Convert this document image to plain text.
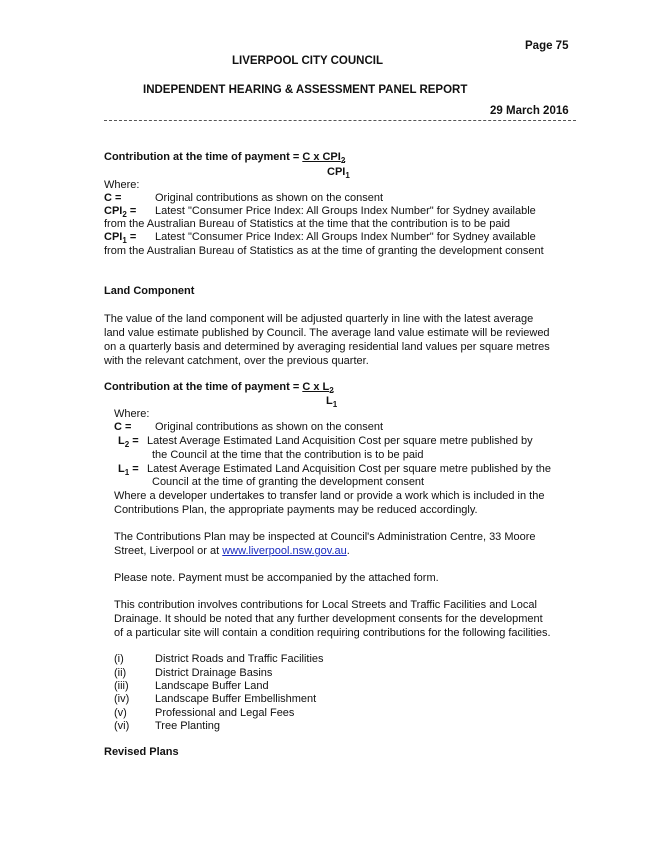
Page 75
LIVERPOOL CITY COUNCIL
INDEPENDENT HEARING & ASSESSMENT PANEL REPORT
29 March 2016
Contribution at the time of payment = C x $CPI_2$
$CPI_1$
Where:
C =	Original contributions as shown on the consent
$CPI_2$ = Latest "Consumer Price Index: All Groups Index Number" for Sydney available
from the Australian Bureau of Statistics at the time that the contribution is to be paid
$CPI_1$ = Latest "Consumer Price Index: All Groups Index Number" for Sydney available
from the Australian Bureau of Statistics as at the time of granting the development consent
Land Component
The value of the land component will be adjusted quarterly in line with the latest average
land value estimate published by Council. The average land value estimate will be reviewed
on a quarterly basis and determined by averaging residential land values per square metres
with the relevant catchment, over the previous quarter.
Contribution at the time of payment = C x $L_2$
$L_1$
Where:
C = Original contributions as shown on the consent
$L_2$ = Latest Average Estimated Land Acquisition Cost per square metre published by
the Council at the time that the contribution is to be paid
$L_1$ = Latest Average Estimated Land Acquisition Cost per square metre published by the
Council at the time of granting the development consent
Where a developer undertakes to transfer land or provide a work which is included in the
Contributions Plan, the appropriate payments may be reduced accordingly.
The Contributions Plan may be inspected at Council's Administration Centre, 33 Moore
Street, Liverpool or at www.liverpool.nsw.gov.au.
Please note. Payment must be accompanied by the attached form.
This contribution involves contributions for Local Streets and Traffic Facilities and Local
Drainage. It should be noted that any further development consents for the development
of a particular site will contain a condition requiring contributions for the following facilities.
(i)	District Roads and Traffic Facilities
(ii)	District Drainage Basins
(iii) Landscape Buffer Land
(iv) Landscape Buffer Embellishment
(v)	Professional and Legal Fees
(vi) Tree Planting
Revised Plans
